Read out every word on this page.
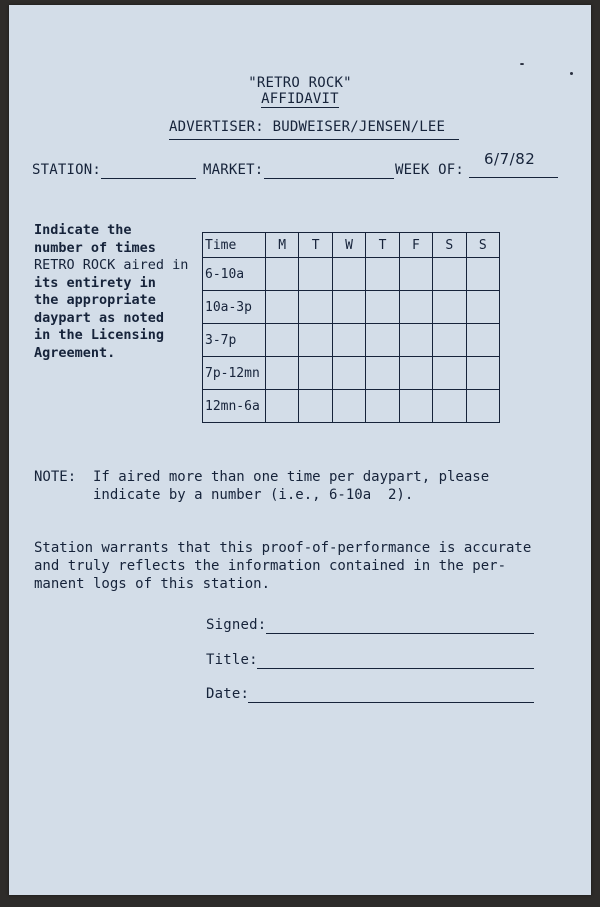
"RETRO ROCK"
AFFIDAVIT
ADVERTISER: BUDWEISER/JENSEN/LEE
STATION:	MARKET:	WEEK OF:
6/7/82
Indicate the
number of times
RETRO ROCK aired in
its entirety in
the appropriate
daypart as noted
in the Licensing
Agreement.
Time	M	T	W	T	F	S	S
6-10a							
10a-3p							
3-7p							
7p-12mn							
12mn-6a							
NOTE:  If aired more than one time per daypart, please
indicate by a number (i.e., 6-10a  2).
Station warrants that this proof-of-performance is accurate
and truly reflects the information contained in the per-
manent logs of this station.
Signed:
Title:
Date:
